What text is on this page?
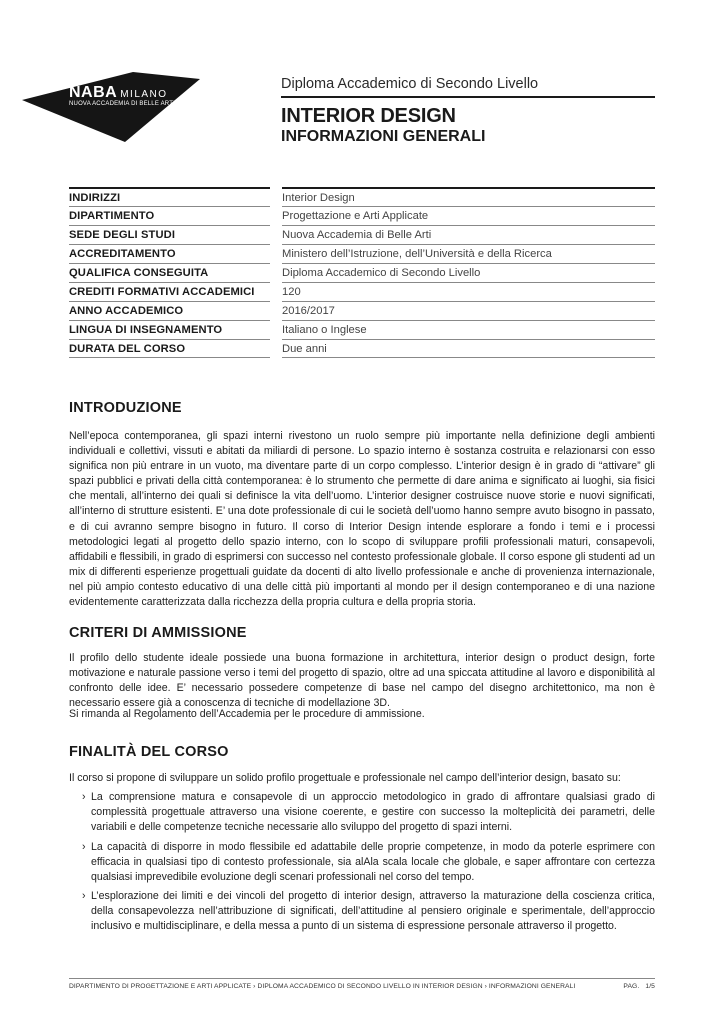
NABA MILANO
NUOVA ACCADEMIA DI BELLE ARTI

Diploma Accademico di Secondo Livello

INTERIOR DESIGN
INFORMAZIONI GENERALI
INDIRIZZI	Interior Design
DIPARTIMENTO	Progettazione e Arti Applicate
SEDE DEGLI STUDI	Nuova Accademia di Belle Arti
ACCREDITAMENTO	Ministero dell’Istruzione, dell’Università e della Ricerca
QUALIFICA CONSEGUITA	Diploma Accademico di Secondo Livello
CREDITI FORMATIVI ACCADEMICI	120
ANNO ACCADEMICO	2016/2017
LINGUA DI INSEGNAMENTO	Italiano o Inglese
DURATA DEL CORSO	Due anni
INTRODUZIONE

Nell’epoca contemporanea, gli spazi interni rivestono un ruolo sempre più importante nella definizione degli ambienti individuali e collettivi, vissuti e abitati da miliardi di persone. Lo spazio interno è sostanza costruita e relazionarsi con esso significa non più entrare in un vuoto, ma diventare parte di un corpo complesso. L’interior design è in grado di “attivare” gli spazi pubblici e privati della città contemporanea: è lo strumento che permette di dare anima e significato ai luoghi, sia fisici che mentali, all’interno dei quali si definisce la vita dell’uomo. L’interior designer costruisce nuove storie e nuovi significati, all’interno di strutture esistenti. E’ una dote professionale di cui le società dell’uomo hanno sempre avuto bisogno in passato, e di cui avranno sempre bisogno in futuro. Il corso di Interior Design intende esplorare a fondo i temi e i processi metodologici legati al progetto dello spazio interno, con lo scopo di sviluppare profili professionali maturi, consapevoli, affidabili e flessibili, in grado di esprimersi con successo nel contesto professionale globale. Il corso espone gli studenti ad un mix di differenti esperienze progettuali guidate da docenti di alto livello professionale e anche di provenienza internazionale, nel più ampio contesto educativo di una delle città più importanti al mondo per il design contemporaneo e di una nazione evidentemente caratterizzata dalla ricchezza della propria cultura e della propria storia.

CRITERI DI AMMISSIONE

Il profilo dello studente ideale possiede una buona formazione in architettura, interior design o product design, forte motivazione e naturale passione verso i temi del progetto di spazio, oltre ad una spiccata attitudine al lavoro e disponibilità al confronto delle idee. E’ necessario possedere competenze di base nel campo del disegno architettonico, ma non è necessario essere già a conoscenza di tecniche di modellazione 3D.

Si rimanda al Regolamento dell’Accademia per le procedure di ammissione.

FINALITÀ DEL CORSO

Il corso si propone di sviluppare un solido profilo progettuale e professionale nel campo dell’interior design, basato su:

› La comprensione matura e consapevole di un approccio metodologico in grado di affrontare qualsiasi grado di complessità progettuale attraverso una visione coerente, e gestire con successo la molteplicità dei parametri, delle variabili e delle competenze tecniche necessarie allo sviluppo del progetto di spazi interni.
› La capacità di disporre in modo flessibile ed adattabile delle proprie competenze, in modo da poterle esprimere con efficacia in qualsiasi tipo di contesto professionale, sia alAla scala locale che globale, e saper affrontare con certezza qualsiasi imprevedibile evoluzione degli scenari professionali nel corso del tempo.
› L’esplorazione dei limiti e dei vincoli del progetto di interior design, attraverso la maturazione della coscienza critica, della consapevolezza nell’attribuzione di significati, dell’attitudine al pensiero originale e sperimentale, dell’approccio inclusivo e multidisciplinare, e della messa a punto di un sistema di espressione personale attraverso il progetto.
DIPARTIMENTO DI PROGETTAZIONE E ARTI APPLICATE › DIPLOMA ACCADEMICO DI SECONDO LIVELLO IN INTERIOR DESIGN › INFORMAZIONI GENERALI	PAG. 1/5
